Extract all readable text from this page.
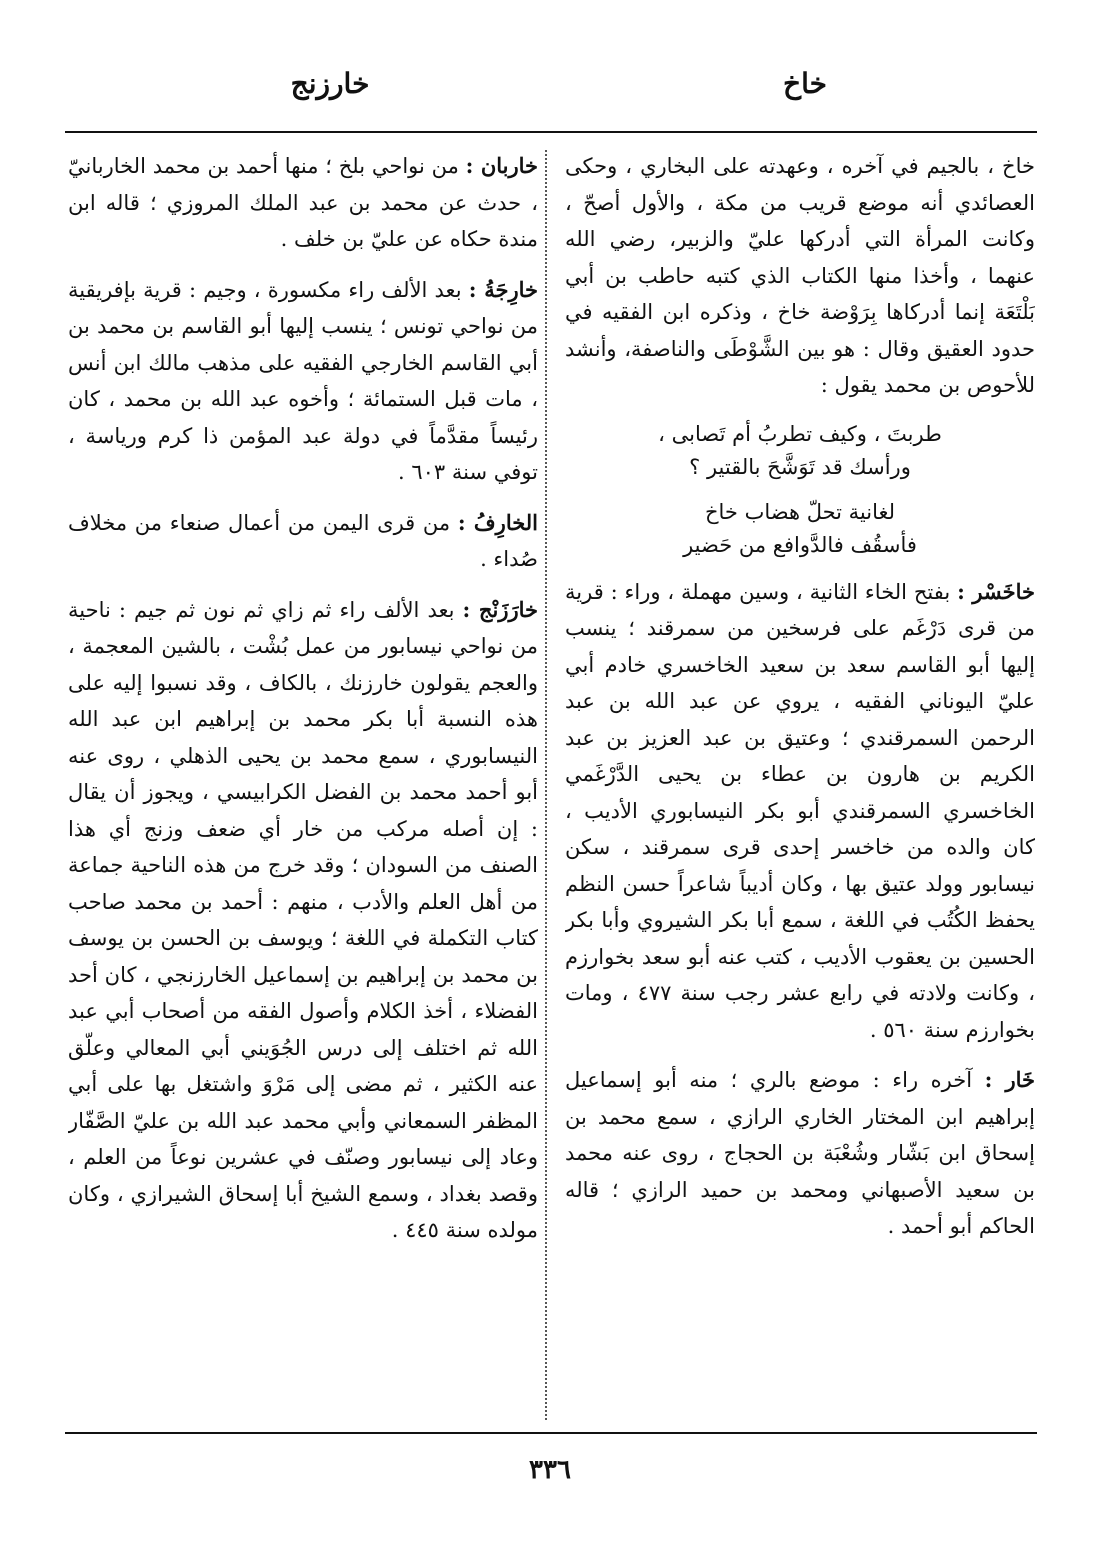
خاخ
خارزنج

خاخ ، بالجيم في آخره ، وعهدته على البخاري ، وحكى العصائدي أنه موضع قريب من مكة ، والأول أصحّ ، وكانت المرأة التي أدركها عليّ والزبير، رضي الله عنهما ، وأخذا منها الكتاب الذي كتبه حاطب بن أبي بَلْتَعَة إنما أدركاها بِرَوْضة خاخ ، وذكره ابن الفقيه في حدود العقيق وقال : هو بين الشَّوْطَى والناصفة، وأنشد للأحوص بن محمد يقول :

طربتَ ، وكيف تطربُ أم تَصابى ،
ورأسك قد تَوَشَّحَ بالقتير ؟
لغانية تحلّ هضاب خاخ
فأسقُف فالدَّوافع من حَضير

خاخَسْر : بفتح الخاء الثانية ، وسين مهملة ، وراء : قرية من قرى دَرْغَم على فرسخين من سمرقند ؛ ينسب إليها أبو القاسم سعد بن سعيد الخاخسري خادم أبي عليّ اليوناني الفقيه ، يروي عن عبد الله بن عبد الرحمن السمرقندي ؛ وعتيق بن عبد العزيز بن عبد الكريم بن هارون بن عطاء بن يحيى الدَّرْغَمي الخاخسري السمرقندي أبو بكر النيسابوري الأديب ، كان والده من خاخسر إحدى قرى سمرقند ، سكن نيسابور وولد عتيق بها ، وكان أديباً شاعراً حسن النظم يحفظ الكُتُب في اللغة ، سمع أبا بكر الشيروي وأبا بكر الحسين بن يعقوب الأديب ، كتب عنه أبو سعد بخوارزم ، وكانت ولادته في رابع عشر رجب سنة ٤٧٧ ، ومات بخوارزم سنة ٥٦٠ .

خَار : آخره راء : موضع بالري ؛ منه أبو إسماعيل إبراهيم ابن المختار الخاري الرازي ، سمع محمد بن إسحاق ابن بَشّار وشُعْبَة بن الحجاج ، روى عنه محمد بن سعيد الأصبهاني ومحمد بن حميد الرازي ؛ قاله الحاكم أبو أحمد .

خاربان : من نواحي بلخ ؛ منها أحمد بن محمد الخاربانيّ ، حدث عن محمد بن عبد الملك المروزي ؛ قاله ابن مندة حكاه عن عليّ بن خلف .

خارِجَةُ : بعد الألف راء مكسورة ، وجيم : قرية بإفريقية من نواحي تونس ؛ ينسب إليها أبو القاسم بن محمد بن أبي القاسم الخارجي الفقيه على مذهب مالك ابن أنس ، مات قبل الستمائة ؛ وأخوه عبد الله بن محمد ، كان رئيساً مقدَّماً في دولة عبد المؤمن ذا كرم ورياسة ، توفي سنة ٦٠٣ .

الخارِفُ : من قرى اليمن من أعمال صنعاء من مخلاف صُداء .

خارَزَنْج : بعد الألف راء ثم زاي ثم نون ثم جيم : ناحية من نواحي نيسابور من عمل بُشْت ، بالشين المعجمة ، والعجم يقولون خارزنك ، بالكاف ، وقد نسبوا إليه على هذه النسبة أبا بكر محمد بن إبراهيم ابن عبد الله النيسابوري ، سمع محمد بن يحيى الذهلي ، روى عنه أبو أحمد محمد بن الفضل الكرابيسي ، ويجوز أن يقال : إن أصله مركب من خار أي ضعف وزنج أي هذا الصنف من السودان ؛ وقد خرج من هذه الناحية جماعة من أهل العلم والأدب ، منهم : أحمد بن محمد صاحب كتاب التكملة في اللغة ؛ ويوسف بن الحسن بن يوسف بن محمد بن إبراهيم بن إسماعيل الخارزنجي ، كان أحد الفضلاء ، أخذ الكلام وأصول الفقه من أصحاب أبي عبد الله ثم اختلف إلى درس الجُوَيني أبي المعالي وعلّق عنه الكثير ، ثم مضى إلى مَرْوَ واشتغل بها على أبي المظفر السمعاني وأبي محمد عبد الله بن عليّ الصَّفّار وعاد إلى نيسابور وصنّف في عشرين نوعاً من العلم ، وقصد بغداد ، وسمع الشيخ أبا إسحاق الشيرازي ، وكان مولده سنة ٤٤٥ .

٣٣٦
